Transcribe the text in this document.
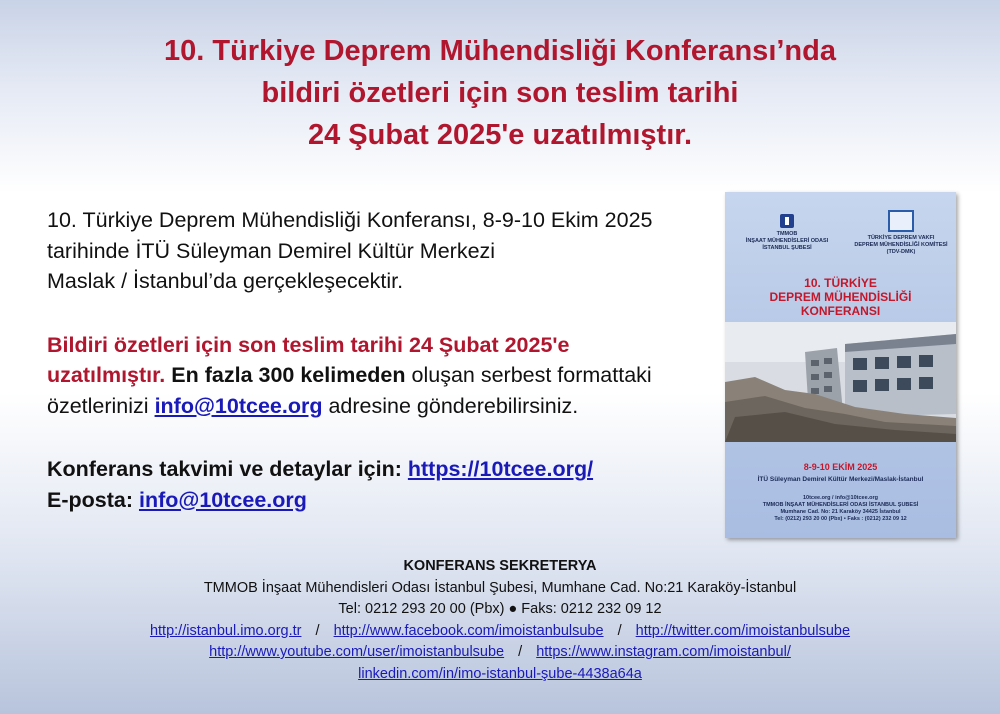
10. Türkiye Deprem Mühendisliği Konferansı’nda
bildiri özetleri için son teslim tarihi
24 Şubat 2025'e uzatılmıştır.

10. Türkiye Deprem Mühendisliği Konferansı, 8-9-10 Ekim 2025
tarihinde İTÜ Süleyman Demirel Kültür Merkezi
Maslak / İstanbul’da gerçekleşecektir.

Bildiri özetleri için son teslim tarihi 24 Şubat 2025'e
uzatılmıştır. En fazla 300 kelimeden oluşan serbest formattaki
özetlerinizi info@10tcee.org adresine gönderebilirsiniz.

Konferans takvimi ve detaylar için: https://10tcee.org/
E-posta: info@10tcee.org

TMMOB
İNŞAAT MÜHENDİSLERİ ODASI
İSTANBUL ŞUBESİ
TÜRKİYE DEPREM VAKFI
DEPREM MÜHENDİSLİĞİ KOMİTESİ
(TDV-DMK)
10. TÜRKİYE
DEPREM MÜHENDİSLİĞİ
KONFERANSI
8-9-10 EKİM 2025
İTÜ Süleyman Demirel Kültür Merkezi/Maslak-İstanbul
10tcee.org / info@10tcee.org
TMMOB İNŞAAT MÜHENDİSLERİ ODASI İSTANBUL ŞUBESİ
Mumhane Cad. No: 21 Karaköy 34425 İstanbul
Tel: (0212) 293 20 00 (Pbx) • Faks : (0212) 232 09 12
KONFERANS SEKRETERYA
TMMOB İnşaat Mühendisleri Odası İstanbul Şubesi, Mumhane Cad. No:21 Karaköy-İstanbul
Tel: 0212 293 20 00 (Pbx) ● Faks: 0212 232 09 12
http://istanbul.imo.org.tr / http://www.facebook.com/imoistanbulsube / http://twitter.com/imoistanbulsube
http://www.youtube.com/user/imoistanbulsube / https://www.instagram.com/imoistanbul/
linkedin.com/in/imo-istanbul-şube-4438a64a
